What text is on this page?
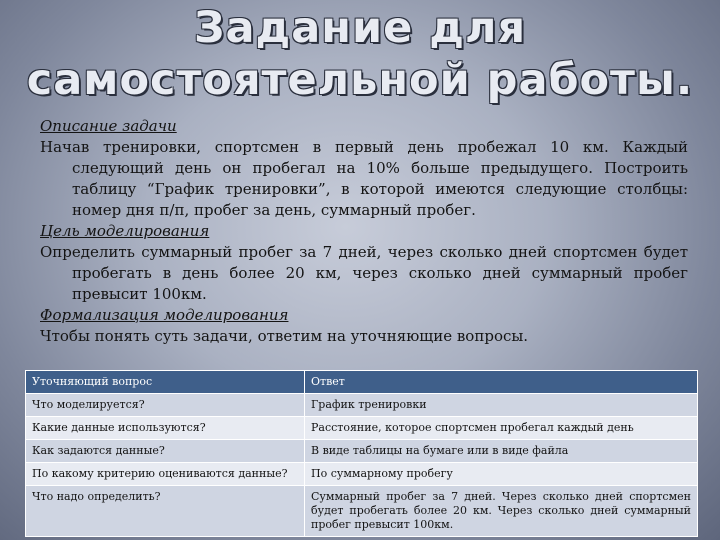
Задание для
самостоятельной работы.

Описание задачи

Начав тренировки, спортсмен в первый день пробежал 10 км. Каждый следующий день он пробегал на 10% больше предыдущего. Построить таблицу “График тренировки”, в которой имеются следующие столбцы: номер дня п/п, пробег за день, суммарный пробег.

Цель моделирования

Определить суммарный пробег за 7 дней, через сколько дней спортсмен будет пробегать в день более 20 км, через сколько дней суммарный пробег превысит 100км.

Формализация моделирования

Чтобы понять суть задачи, ответим на уточняющие вопросы.

Уточняющий вопрос	Ответ
Что моделируется?	График тренировки
Какие данные используются?	Расстояние, которое спортсмен пробегал каждый день
Как задаются данные?	В виде таблицы на бумаге или в виде файла
По какому критерию оцениваются данные?	По суммарному пробегу
Что надо определить?	Суммарный пробег за 7 дней. Через сколько дней спортсмен будет пробегать более 20 км. Через сколько дней суммарный пробег превысит 100км.
